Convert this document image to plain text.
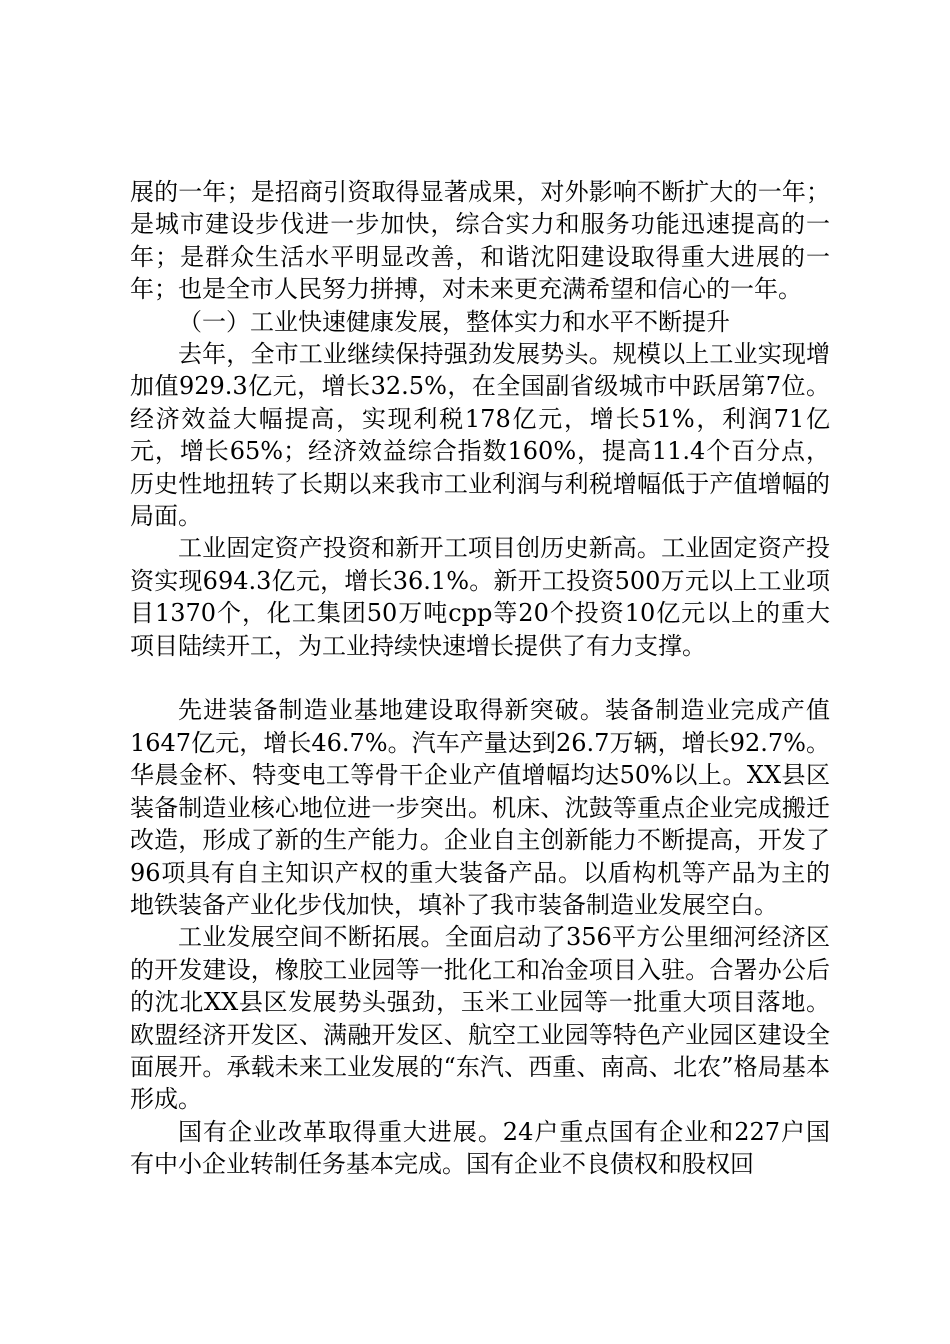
展的一年；是招商引资取得显著成果，对外影响不断扩大的一年；是城市建设步伐进一步加快，综合实力和服务功能迅速提高的一年；是群众生活水平明显改善，和谐沈阳建设取得重大进展的一年；也是全市人民努力拼搏，对未来更充满希望和信心的一年。

（一）工业快速健康发展，整体实力和水平不断提升

去年，全市工业继续保持强劲发展势头。规模以上工业实现增加值929.3亿元，增长32.5%，在全国副省级城市中跃居第7位。经济效益大幅提高，实现利税178亿元，增长51%，利润71亿元，增长65%；经济效益综合指数160%，提高11.4个百分点，历史性地扭转了长期以来我市工业利润与利税增幅低于产值增幅的局面。

工业固定资产投资和新开工项目创历史新高。工业固定资产投资实现694.3亿元，增长36.1%。新开工投资500万元以上工业项目1370个，化工集团50万吨cpp等20个投资10亿元以上的重大项目陆续开工，为工业持续快速增长提供了有力支撑。

先进装备制造业基地建设取得新突破。装备制造业完成产值1647亿元，增长46.7%。汽车产量达到26.7万辆，增长92.7%。华晨金杯、特变电工等骨干企业产值增幅均达50%以上。XX县区装备制造业核心地位进一步突出。机床、沈鼓等重点企业完成搬迁改造，形成了新的生产能力。企业自主创新能力不断提高，开发了96项具有自主知识产权的重大装备产品。以盾构机等产品为主的地铁装备产业化步伐加快，填补了我市装备制造业发展空白。

工业发展空间不断拓展。全面启动了356平方公里细河经济区的开发建设，橡胶工业园等一批化工和冶金项目入驻。合署办公后的沈北XX县区发展势头强劲，玉米工业园等一批重大项目落地。欧盟经济开发区、满融开发区、航空工业园等特色产业园区建设全面展开。承载未来工业发展的“东汽、西重、南高、北农”格局基本形成。

国有企业改革取得重大进展。24户重点国有企业和227户国有中小企业转制任务基本完成。国有企业不良债权和股权回
